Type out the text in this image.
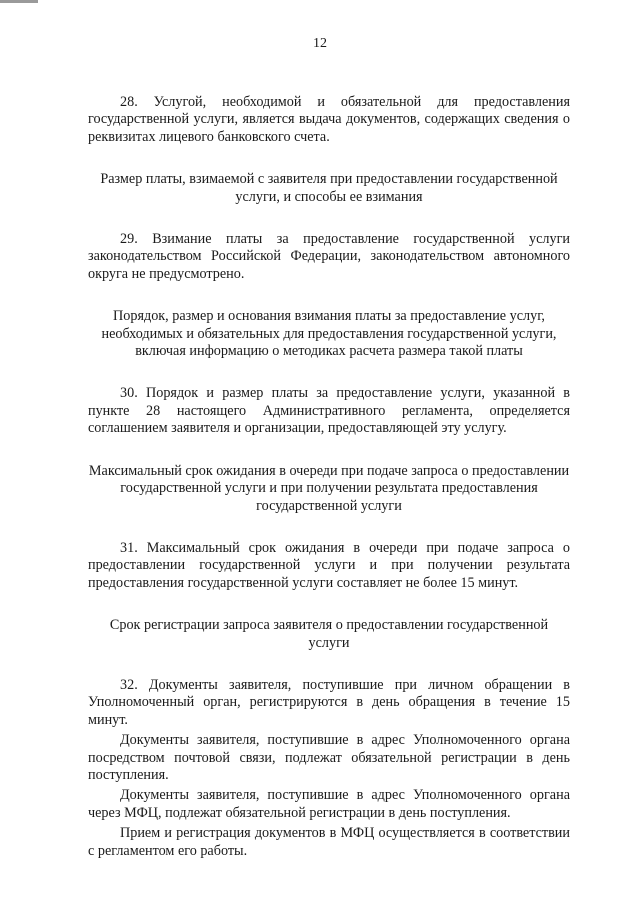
12

28. Услугой, необходимой и обязательной для предоставления государственной услуги, является выдача документов, содержащих сведения о реквизитах лицевого банковского счета.

Размер платы, взимаемой с заявителя при предоставлении государственной услуги, и способы ее взимания

29. Взимание платы за предоставление государственной услуги законодательством Российской Федерации, законодательством автономного округа не предусмотрено.

Порядок, размер и основания взимания платы за предоставление услуг, необходимых и обязательных для предоставления государственной услуги, включая информацию о методиках расчета размера такой платы

30. Порядок и размер платы за предоставление услуги, указанной в пункте 28 настоящего Административного регламента, определяется соглашением заявителя и организации, предоставляющей эту услугу.

Максимальный срок ожидания в очереди при подаче запроса о предоставлении государственной услуги и при получении результата предоставления государственной услуги

31. Максимальный срок ожидания в очереди при подаче запроса о предоставлении государственной услуги и при получении результата предоставления государственной услуги составляет не более 15 минут.

Срок регистрации запроса заявителя о предоставлении государственной услуги

32. Документы заявителя, поступившие при личном обращении в Уполномоченный орган, регистрируются в день обращения в течение 15 минут.

Документы заявителя, поступившие в адрес Уполномоченного органа посредством почтовой связи, подлежат обязательной регистрации в день поступления.

Документы заявителя, поступившие в адрес Уполномоченного органа через МФЦ, подлежат обязательной регистрации в день поступления.

Прием и регистрация документов в МФЦ осуществляется в соответствии с регламентом его работы.
